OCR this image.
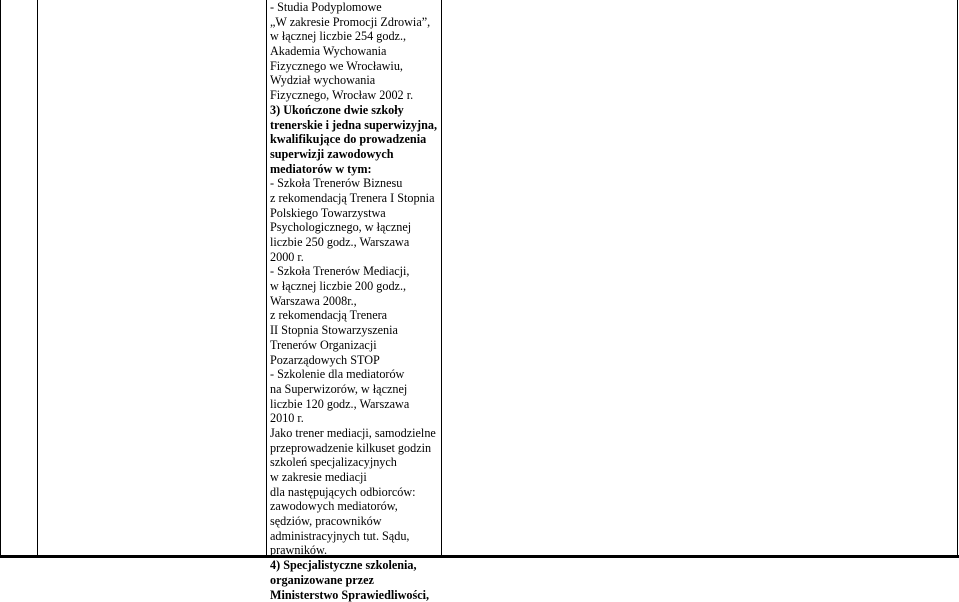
- Studia Podyplomowe
„W zakresie Promocji Zdrowia”,
w łącznej liczbie 254 godz.,
Akademia Wychowania
Fizycznego we Wrocławiu,
Wydział wychowania
Fizycznego, Wrocław 2002 r.
3) Ukończone dwie szkoły
trenerskie i jedna superwizyjna,
kwalifikujące do prowadzenia
superwizji zawodowych
mediatorów w tym:
- Szkoła Trenerów Biznesu
z rekomendacją Trenera I Stopnia
Polskiego Towarzystwa
Psychologicznego, w łącznej
liczbie 250 godz., Warszawa
2000 r.
- Szkoła Trenerów Mediacji,
w łącznej liczbie 200 godz.,
Warszawa 2008r.,
z rekomendacją Trenera
II Stopnia Stowarzyszenia
Trenerów Organizacji
Pozarządowych STOP
- Szkolenie dla mediatorów
na Superwizorów, w łącznej
liczbie 120 godz., Warszawa
2010 r.
Jako trener mediacji, samodzielne
przeprowadzenie kilkuset godzin
szkoleń specjalizacyjnych
w zakresie mediacji
dla następujących odbiorców:
zawodowych mediatorów,
sędziów, pracowników
administracyjnych tut. Sądu,
prawników.
4) Specjalistyczne szkolenia,
organizowane przez
Ministerstwo Sprawiedliwości,
